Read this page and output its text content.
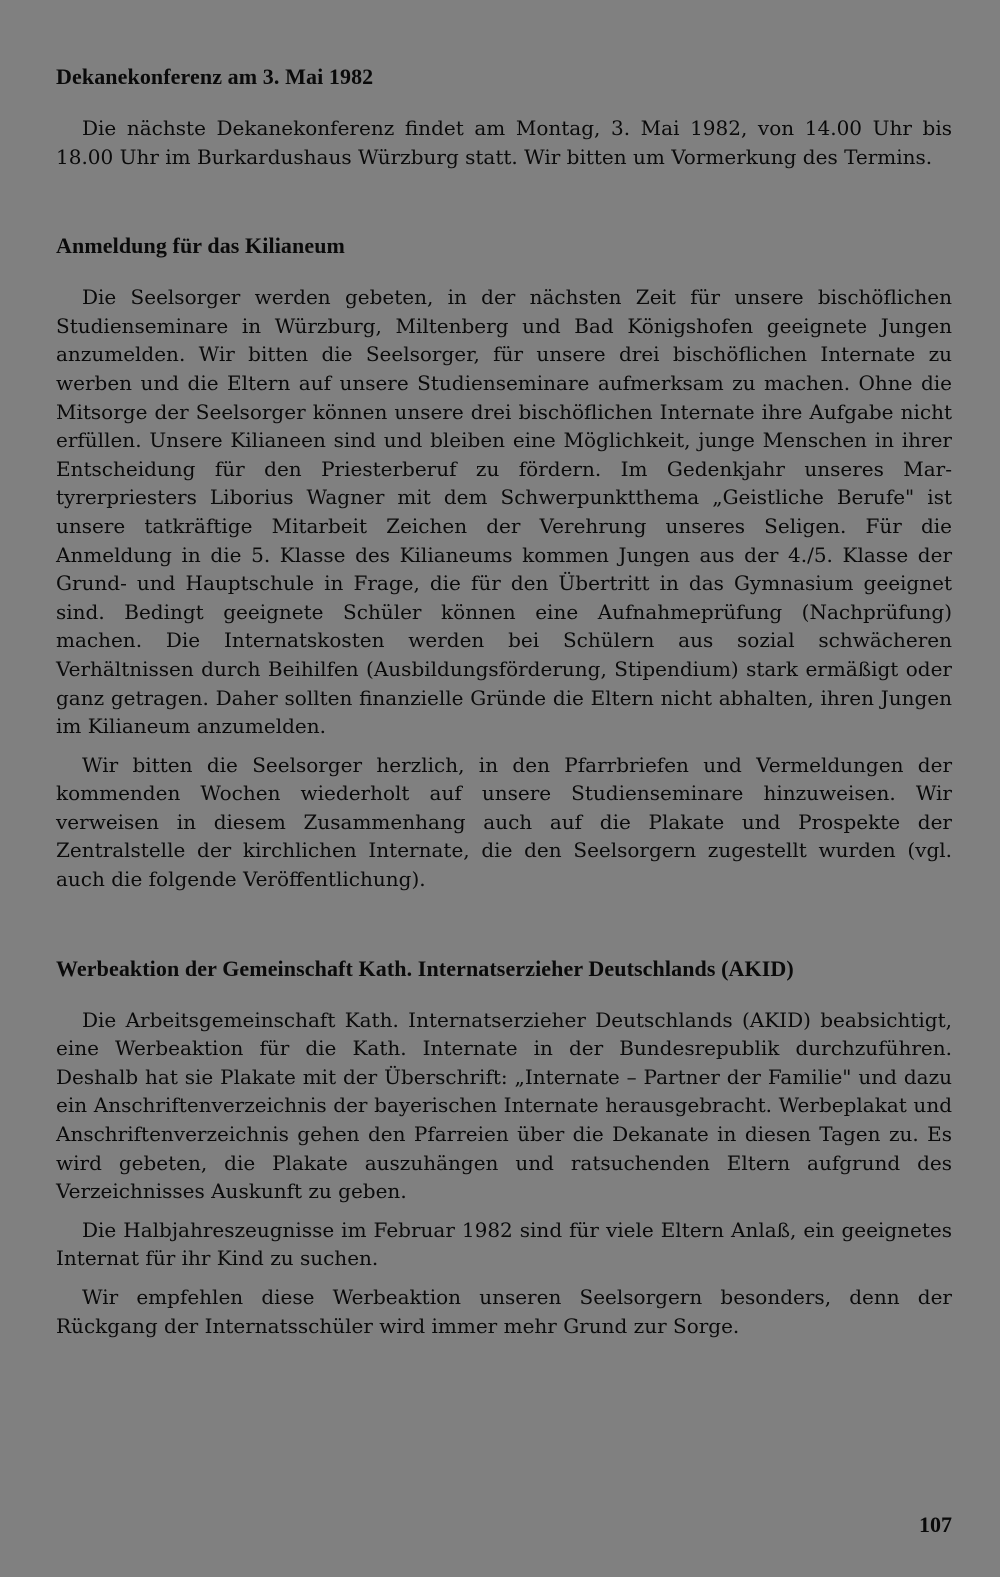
Dekanekonferenz am 3. Mai 1982

Die nächste Dekanekonferenz findet am Montag, 3. Mai 1982, von 14.00 Uhr bis 18.00 Uhr im Burkardushaus Würzburg statt. Wir bitten um Vormerkung des Termins.

Anmeldung für das Kilianeum

Die Seelsorger werden gebeten, in der nächsten Zeit für unsere bischöflichen Studienseminare in Würzburg, Miltenberg und Bad Königshofen geeignete Jungen anzumelden. Wir bitten die Seelsorger, für unsere drei bischöflichen Internate zu werben und die Eltern auf unsere Studienseminare aufmerksam zu machen. Ohne die Mitsorge der Seelsorger können unsere drei bischöflichen Internate ihre Aufgabe nicht erfüllen. Unsere Kilianeen sind und bleiben eine Möglichkeit, junge Menschen in ihrer Entscheidung für den Priesterberuf zu fördern. Im Gedenkjahr unseres Martyrerpriesters Liborius Wagner mit dem Schwerpunktthema „Geistliche Berufe" ist unsere tatkräftige Mitarbeit Zeichen der Verehrung unseres Seligen. Für die Anmeldung in die 5. Klasse des Kilianeums kommen Jungen aus der 4./5. Klasse der Grund- und Hauptschule in Frage, die für den Übertritt in das Gymnasium geeignet sind. Bedingt geeignete Schüler können eine Aufnahmeprüfung (Nachprüfung) machen. Die Internatskosten werden bei Schülern aus sozial schwächeren Verhältnissen durch Beihilfen (Ausbildungsförderung, Stipendium) stark ermäßigt oder ganz getragen. Daher sollten finanzielle Gründe die Eltern nicht abhalten, ihren Jungen im Kilianeum anzumelden.

Wir bitten die Seelsorger herzlich, in den Pfarrbriefen und Vermeldungen der kommenden Wochen wiederholt auf unsere Studienseminare hinzuweisen. Wir verweisen in diesem Zusammenhang auch auf die Plakate und Prospekte der Zentralstelle der kirchlichen Internate, die den Seelsorgern zugestellt wurden (vgl. auch die folgende Veröffentlichung).

Werbeaktion der Gemeinschaft Kath. Internatserzieher Deutschlands (AKID)

Die Arbeitsgemeinschaft Kath. Internatserzieher Deutschlands (AKID) beabsichtigt, eine Werbeaktion für die Kath. Internate in der Bundesrepublik durchzuführen. Deshalb hat sie Plakate mit der Überschrift: „Internate – Partner der Familie" und dazu ein Anschriftenverzeichnis der bayerischen Internate herausgebracht. Werbeplakat und Anschriftenverzeichnis gehen den Pfarreien über die Dekanate in diesen Tagen zu. Es wird gebeten, die Plakate auszuhängen und ratsuchenden Eltern aufgrund des Verzeichnisses Auskunft zu geben.

Die Halbjahreszeugnisse im Februar 1982 sind für viele Eltern Anlaß, ein geeignetes Internat für ihr Kind zu suchen.

Wir empfehlen diese Werbeaktion unseren Seelsorgern besonders, denn der Rückgang der Internatsschüler wird immer mehr Grund zur Sorge.

107
